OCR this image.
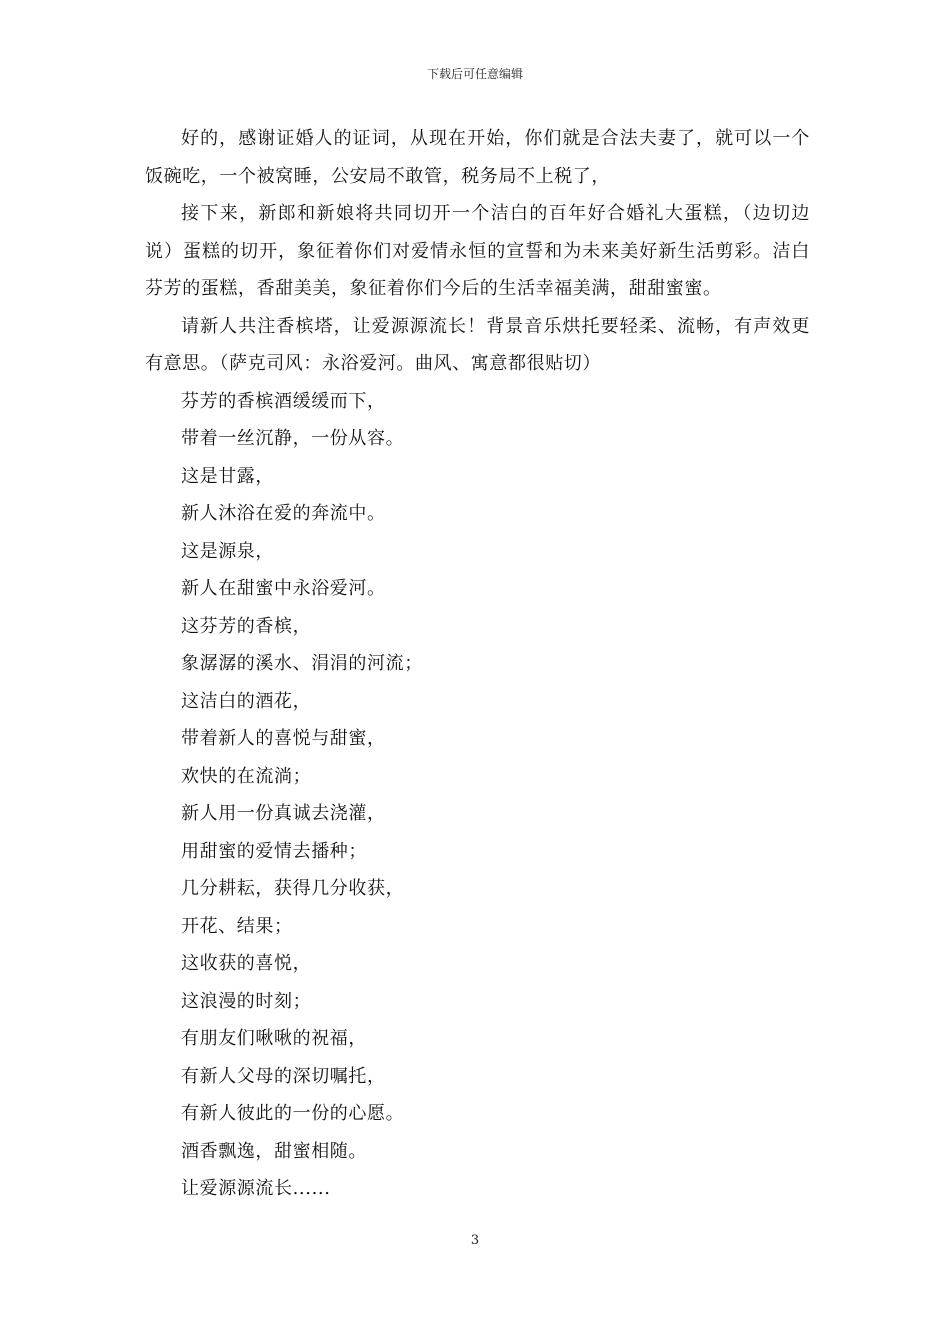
下载后可任意编辑

好的，感谢证婚人的证词，从现在开始，你们就是合法夫妻了，就可以一个饭碗吃，一个被窝睡，公安局不敢管，税务局不上税了，

接下来，新郎和新娘将共同切开一个洁白的百年好合婚礼大蛋糕，（边切边说）蛋糕的切开，象征着你们对爱情永恒的宣誓和为未来美好新生活剪彩。洁白芬芳的蛋糕，香甜美美，象征着你们今后的生活幸福美满，甜甜蜜蜜。

请新人共注香槟塔，让爱源源流长！背景音乐烘托要轻柔、流畅，有声效更有意思。（萨克司风：永浴爱河。曲风、寓意都很贴切）

芬芳的香槟酒缓缓而下，

带着一丝沉静，一份从容。

这是甘露，

新人沐浴在爱的奔流中。

这是源泉，

新人在甜蜜中永浴爱河。

这芬芳的香槟，

象潺潺的溪水、涓涓的河流；

这洁白的酒花，

带着新人的喜悦与甜蜜，

欢快的在流淌；

新人用一份真诚去浇灌，

用甜蜜的爱情去播种；

几分耕耘，获得几分收获，

开花、结果；

这收获的喜悦，

这浪漫的时刻；

有朋友们啾啾的祝福，

有新人父母的深切嘱托，

有新人彼此的一份的心愿。

酒香飘逸，甜蜜相随。

让爱源源流长......

3
